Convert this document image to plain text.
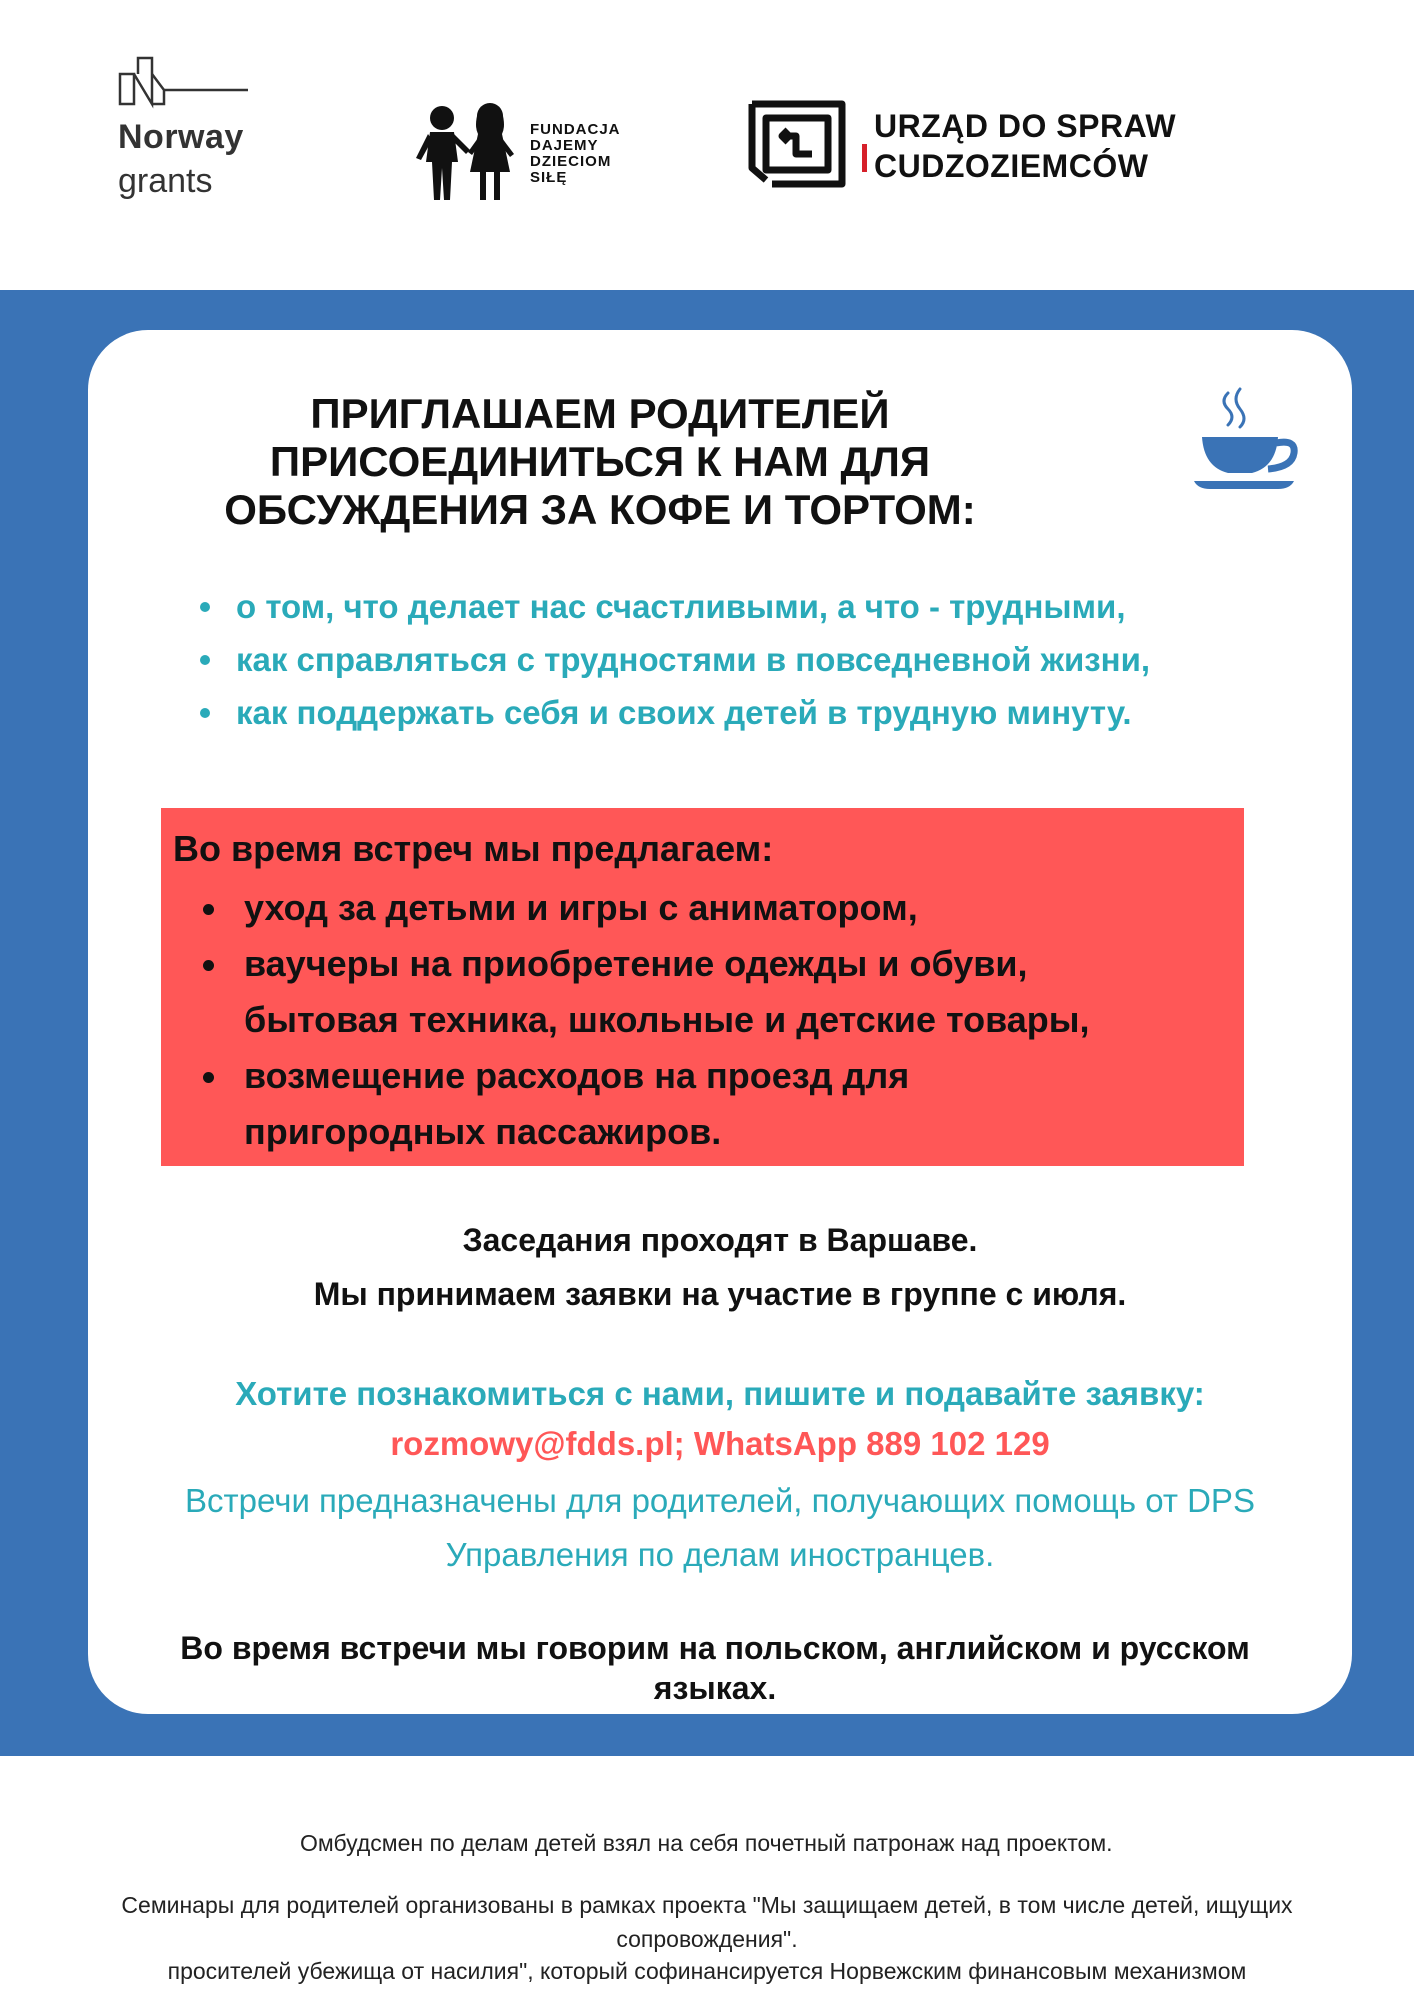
Norway
grants
FUNDACJA
DAJEMY
DZIECIOM
SIŁĘ
URZĄD DO SPRAW
CUDZOZIEMCÓW
ПРИГЛАШАЕМ РОДИТЕЛЕЙ
ПРИСОЕДИНИТЬСЯ К НАМ ДЛЯ
ОБСУЖДЕНИЯ ЗА КОФЕ И ТОРТОМ:
о том, что делает нас счастливыми, а что - трудными,
как справляться с трудностями в повседневной жизни,
как поддержать себя и своих детей в трудную минуту.
Во время встреч мы предлагаем:
уход за детьми и игры с аниматором,
ваучеры на приобретение одежды и обуви, бытовая техника, школьные и детские товары,
возмещение расходов на проезд для пригородных пассажиров.
Заседания проходят в Варшаве.
Мы принимаем заявки на участие в группе с июля.
Хотите познакомиться с нами, пишите и подавайте заявку:
rozmowy@fdds.pl; WhatsApp 889 102 129
Встречи предназначены для родителей, получающих помощь от DPS Управления по делам иностранцев.
Во время встречи мы говорим на польском, английском и русском языках.
Омбудсмен по делам детей взял на себя почетный патронаж над проектом.
Семинары для родителей организованы в рамках проекта "Мы защищаем детей, в том числе детей, ищущих сопровождения".
просителей убежища от насилия", который софинансируется Норвежским финансовым механизмом
